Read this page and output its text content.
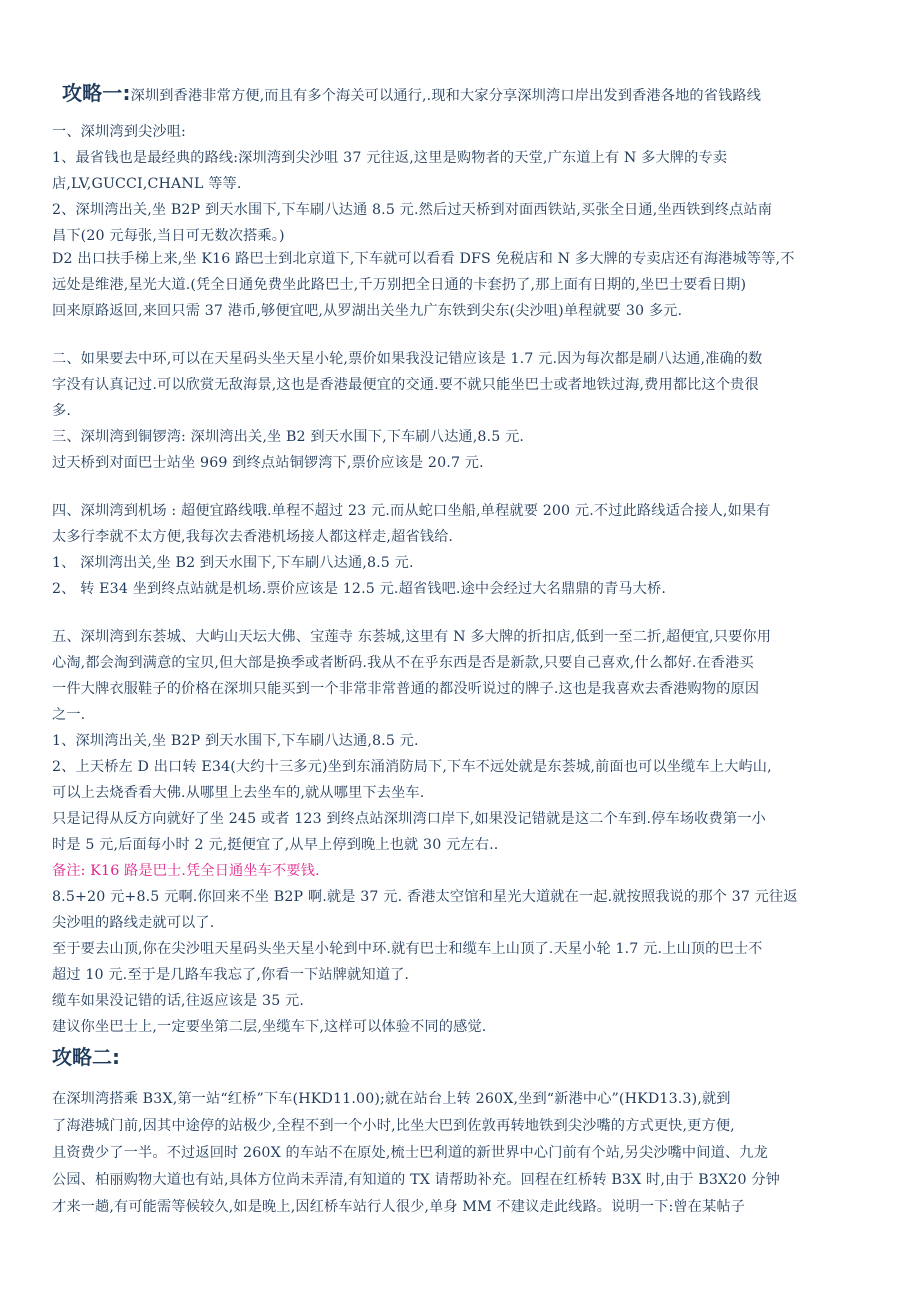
攻略一:深圳到香港非常方便,而且有多个海关可以通行,.现和大家分享深圳湾口岸出发到香港各地的省钱路线
一、深圳湾到尖沙咀:
1、最省钱也是最经典的路线:深圳湾到尖沙咀 37 元往返,这里是购物者的天堂,广东道上有 N 多大牌的专卖
店,LV,GUCCI,CHANL 等等.
2、深圳湾出关,坐 B2P 到天水围下,下车刷八达通 8.5 元.然后过天桥到对面西铁站,买张全日通,坐西铁到终点站南
昌下(20 元每张,当日可无数次搭乘。)
D2 出口扶手梯上来,坐 K16 路巴士到北京道下,下车就可以看看 DFS 免税店和 N 多大牌的专卖店还有海港城等等,不
远处是维港,星光大道.(凭全日通免费坐此路巴士,千万别把全日通的卡套扔了,那上面有日期的,坐巴士要看日期)
回来原路返回,来回只需 37 港币,够便宜吧,从罗湖出关坐九广东铁到尖东(尖沙咀)单程就要 30 多元.
二、如果要去中环,可以在天星码头坐天星小轮,票价如果我没记错应该是 1.7 元.因为每次都是刷八达通,准确的数
字没有认真记过.可以欣赏无敌海景,这也是香港最便宜的交通.要不就只能坐巴士或者地铁过海,费用都比这个贵很
多.
三、深圳湾到铜锣湾: 深圳湾出关,坐 B2 到天水围下,下车刷八达通,8.5 元.
过天桥到对面巴士站坐 969 到终点站铜锣湾下,票价应该是 20.7 元.
四、深圳湾到机场 : 超便宜路线哦.单程不超过 23 元.而从蛇口坐船,单程就要 200 元.不过此路线适合接人,如果有
太多行李就不太方便,我每次去香港机场接人都这样走,超省钱给.
1、 深圳湾出关,坐 B2 到天水围下,下车刷八达通,8.5 元.
2、 转 E34 坐到终点站就是机场.票价应该是 12.5 元.超省钱吧.途中会经过大名鼎鼎的青马大桥.
五、深圳湾到东荟城、大屿山天坛大佛、宝莲寺 东荟城,这里有 N 多大牌的折扣店,低到一至二折,超便宜,只要你用
心淘,都会淘到满意的宝贝,但大部是换季或者断码.我从不在乎东西是否是新款,只要自己喜欢,什么都好.在香港买
一件大牌衣服鞋子的价格在深圳只能买到一个非常非常普通的都没听说过的牌子.这也是我喜欢去香港购物的原因
之一.
1、深圳湾出关,坐 B2P 到天水围下,下车刷八达通,8.5 元.
2、上天桥左 D 出口转 E34(大约十三多元)坐到东涌消防局下,下车不远处就是东荟城,前面也可以坐缆车上大屿山,
可以上去烧香看大佛.从哪里上去坐车的,就从哪里下去坐车.
只是记得从反方向就好了坐 245 或者 123 到终点站深圳湾口岸下,如果没记错就是这二个车到.停车场收费第一小
时是 5 元,后面每小时 2 元,挺便宜了,从早上停到晚上也就 30 元左右..
备注: K16 路是巴士.凭全日通坐车不要钱.
8.5+20 元+8.5 元啊.你回来不坐 B2P 啊.就是 37 元. 香港太空馆和星光大道就在一起.就按照我说的那个 37 元往返
尖沙咀的路线走就可以了.
至于要去山顶,你在尖沙咀天星码头坐天星小轮到中环.就有巴士和缆车上山顶了.天星小轮 1.7 元.上山顶的巴士不
超过 10 元.至于是几路车我忘了,你看一下站牌就知道了.
缆车如果没记错的话,往返应该是 35 元.
建议你坐巴士上,一定要坐第二层,坐缆车下,这样可以体验不同的感觉.
攻略二:
在深圳湾搭乘 B3X,第一站“红桥”下车(HKD11.00);就在站台上转 260X,坐到“新港中心”(HKD13.3),就到
了海港城门前,因其中途停的站极少,全程不到一个小时,比坐大巴到佐敦再转地铁到尖沙嘴的方式更快,更方便,
且资费少了一半。不过返回时 260X 的车站不在原处,梳士巴利道的新世界中心门前有个站,另尖沙嘴中间道、九龙
公园、柏丽购物大道也有站,具体方位尚未弄清,有知道的 TX 请帮助补充。回程在红桥转 B3X 时,由于 B3X20 分钟
才来一趟,有可能需等候较久,如是晚上,因红桥车站行人很少,单身 MM 不建议走此线路。说明一下:曾在某帖子
